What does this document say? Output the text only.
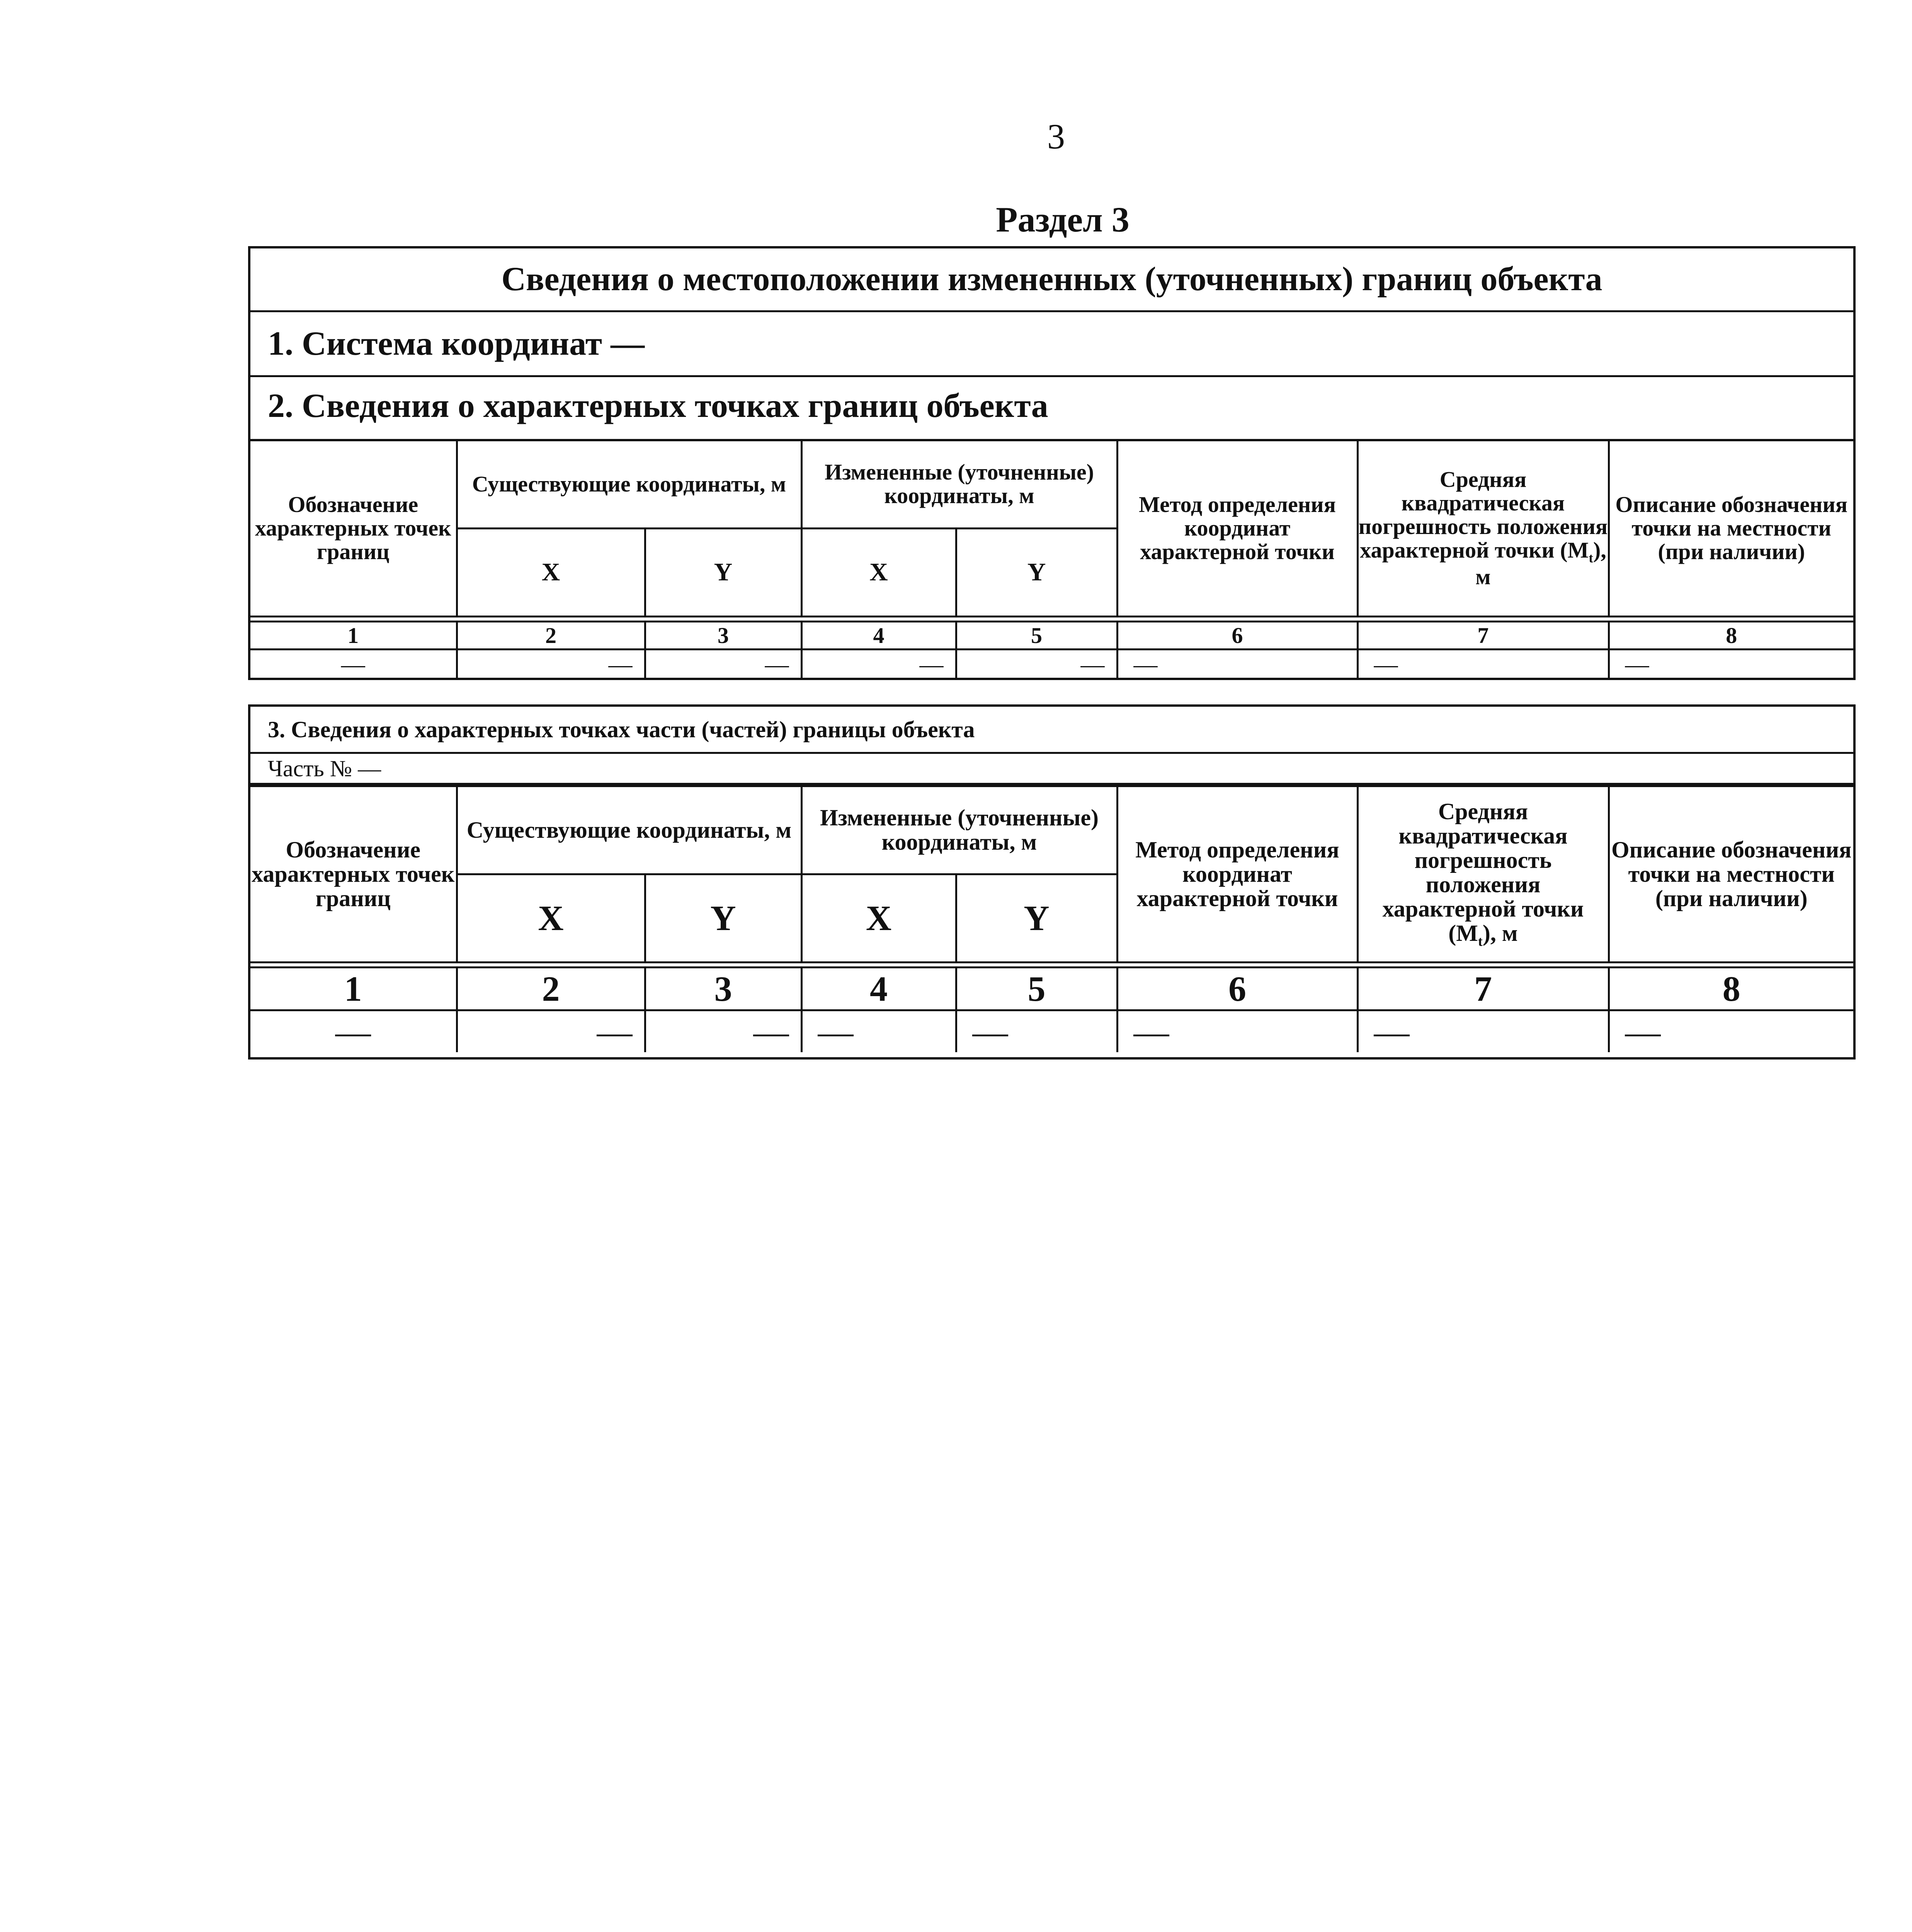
3
Раздел 3
Сведения о местоположении измененных (уточненных) границ объекта
1. Система координат —
2. Сведения о характерных точках границ объекта
Обозначение характерных точек границ	Существующие координаты, м		Измененные (уточненные) координаты, м		Метод определения координат характерной точки	Средняя квадратическая погрешность положения характерной точки $(M_t)$, м	Описание обозначения точки на местности (при наличии)
	X	Y	X	Y			

1	2	3	4	5	6	7	8
—	—	—	—	—	—	—	—
3. Сведения о характерных точках части (частей) границы объекта
Часть № —
Обозначение характерных точек границ	Существующие координаты, м		Измененные (уточненные) координаты, м		Метод определения координат характерной точки	Средняя квадратическая погрешность положения характерной точки $(M_t)$, м	Описание обозначения точки на местности (при наличии)
	X	Y	X	Y			

1	2	3	4	5	6	7	8
—	—	—	—	—	—	—	—
